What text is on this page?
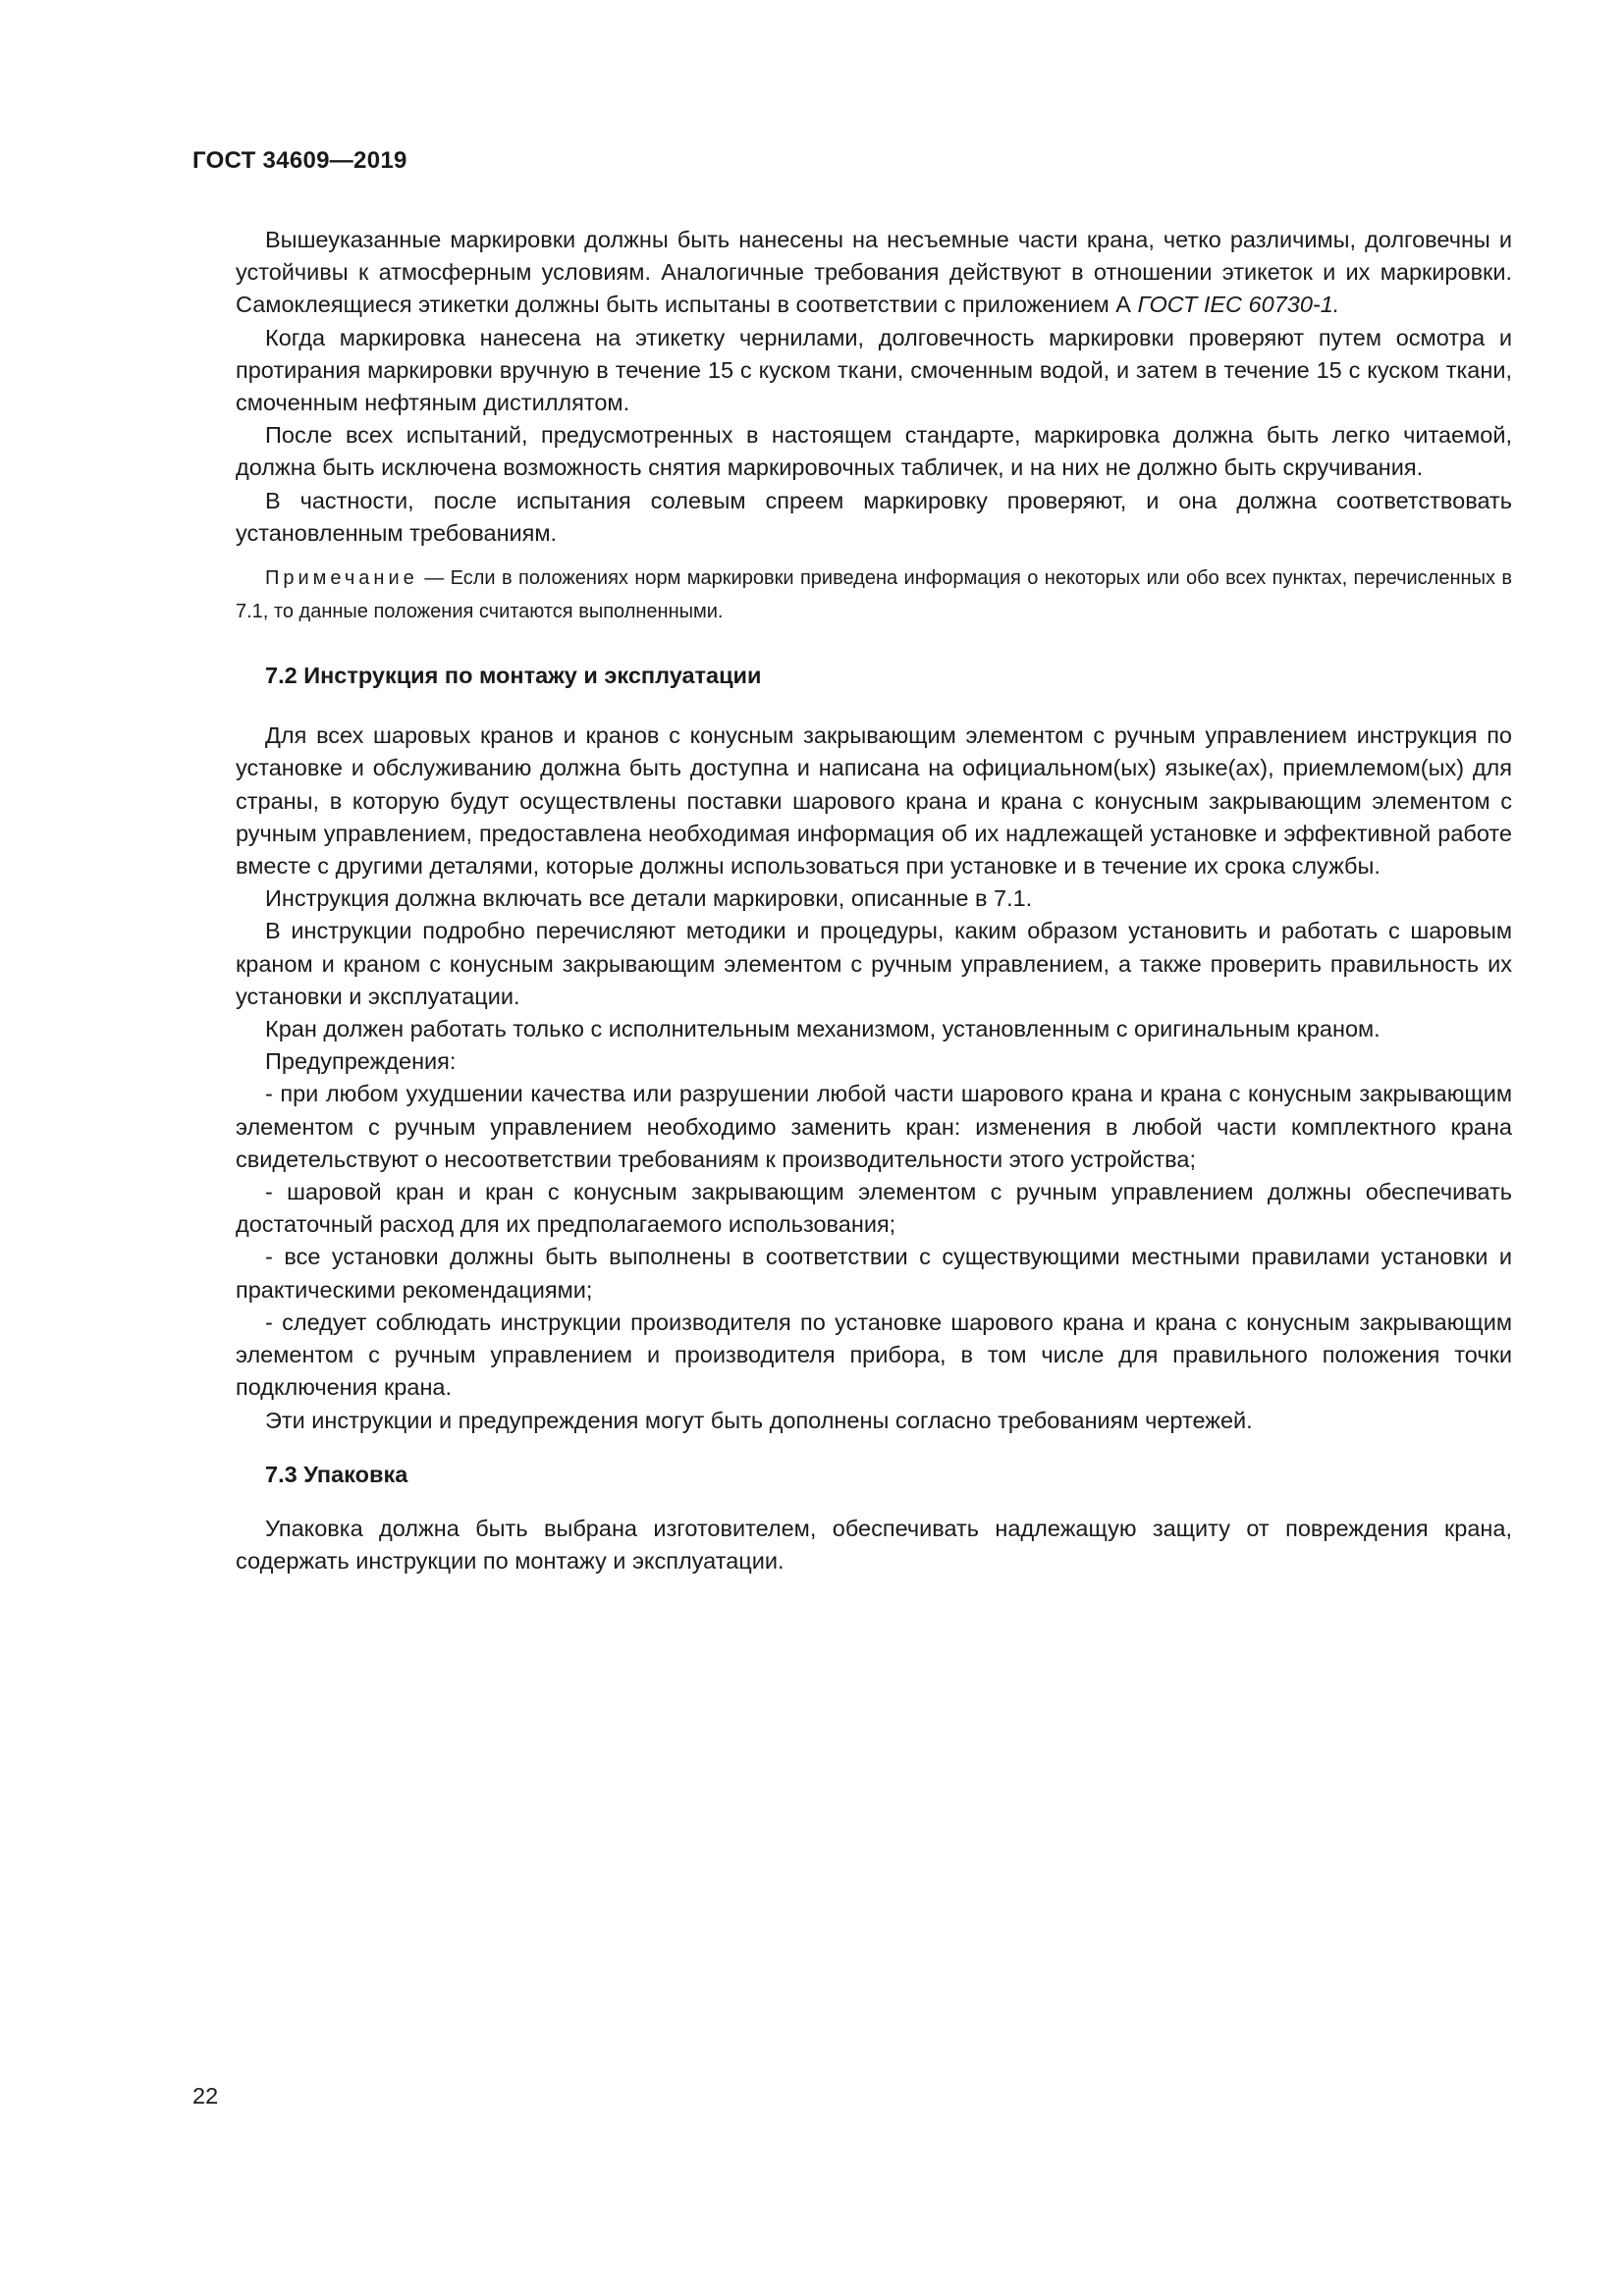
ГОСТ 34609—2019

Вышеуказанные маркировки должны быть нанесены на несъемные части крана, четко различимы, долговечны и устойчивы к атмосферным условиям. Аналогичные требования действуют в отношении этикеток и их маркировки. Самоклеящиеся этикетки должны быть испытаны в соответствии с приложением А ГОСТ IEC 60730-1.

Когда маркировка нанесена на этикетку чернилами, долговечность маркировки проверяют путем осмотра и протирания маркировки вручную в течение 15 с куском ткани, смоченным водой, и затем в течение 15 с куском ткани, смоченным нефтяным дистиллятом.

После всех испытаний, предусмотренных в настоящем стандарте, маркировка должна быть легко читаемой, должна быть исключена возможность снятия маркировочных табличек, и на них не должно быть скручивания.

В частности, после испытания солевым спреем маркировку проверяют, и она должна соответствовать установленным требованиям.

Примечание — Если в положениях норм маркировки приведена информация о некоторых или обо всех пунктах, перечисленных в 7.1, то данные положения считаются выполненными.

7.2 Инструкция по монтажу и эксплуатации

Для всех шаровых кранов и кранов с конусным закрывающим элементом с ручным управлением инструкция по установке и обслуживанию должна быть доступна и написана на официальном(ых) языке(ах), приемлемом(ых) для страны, в которую будут осуществлены поставки шарового крана и крана с конусным закрывающим элементом с ручным управлением, предоставлена необходимая информация об их надлежащей установке и эффективной работе вместе с другими деталями, которые должны использоваться при установке и в течение их срока службы.

Инструкция должна включать все детали маркировки, описанные в 7.1.

В инструкции подробно перечисляют методики и процедуры, каким образом установить и работать с шаровым краном и краном с конусным закрывающим элементом с ручным управлением, а также проверить правильность их установки и эксплуатации.

Кран должен работать только с исполнительным механизмом, установленным с оригинальным краном.

Предупреждения:

- при любом ухудшении качества или разрушении любой части шарового крана и крана с конусным закрывающим элементом с ручным управлением необходимо заменить кран: изменения в любой части комплектного крана свидетельствуют о несоответствии требованиям к производительности этого устройства;

- шаровой кран и кран с конусным закрывающим элементом с ручным управлением должны обеспечивать достаточный расход для их предполагаемого использования;

- все установки должны быть выполнены в соответствии с существующими местными правилами установки и практическими рекомендациями;

- следует соблюдать инструкции производителя по установке шарового крана и крана с конусным закрывающим элементом с ручным управлением и производителя прибора, в том числе для правильного положения точки подключения крана.

Эти инструкции и предупреждения могут быть дополнены согласно требованиям чертежей.

7.3 Упаковка

Упаковка должна быть выбрана изготовителем, обеспечивать надлежащую защиту от повреждения крана, содержать инструкции по монтажу и эксплуатации.

22
